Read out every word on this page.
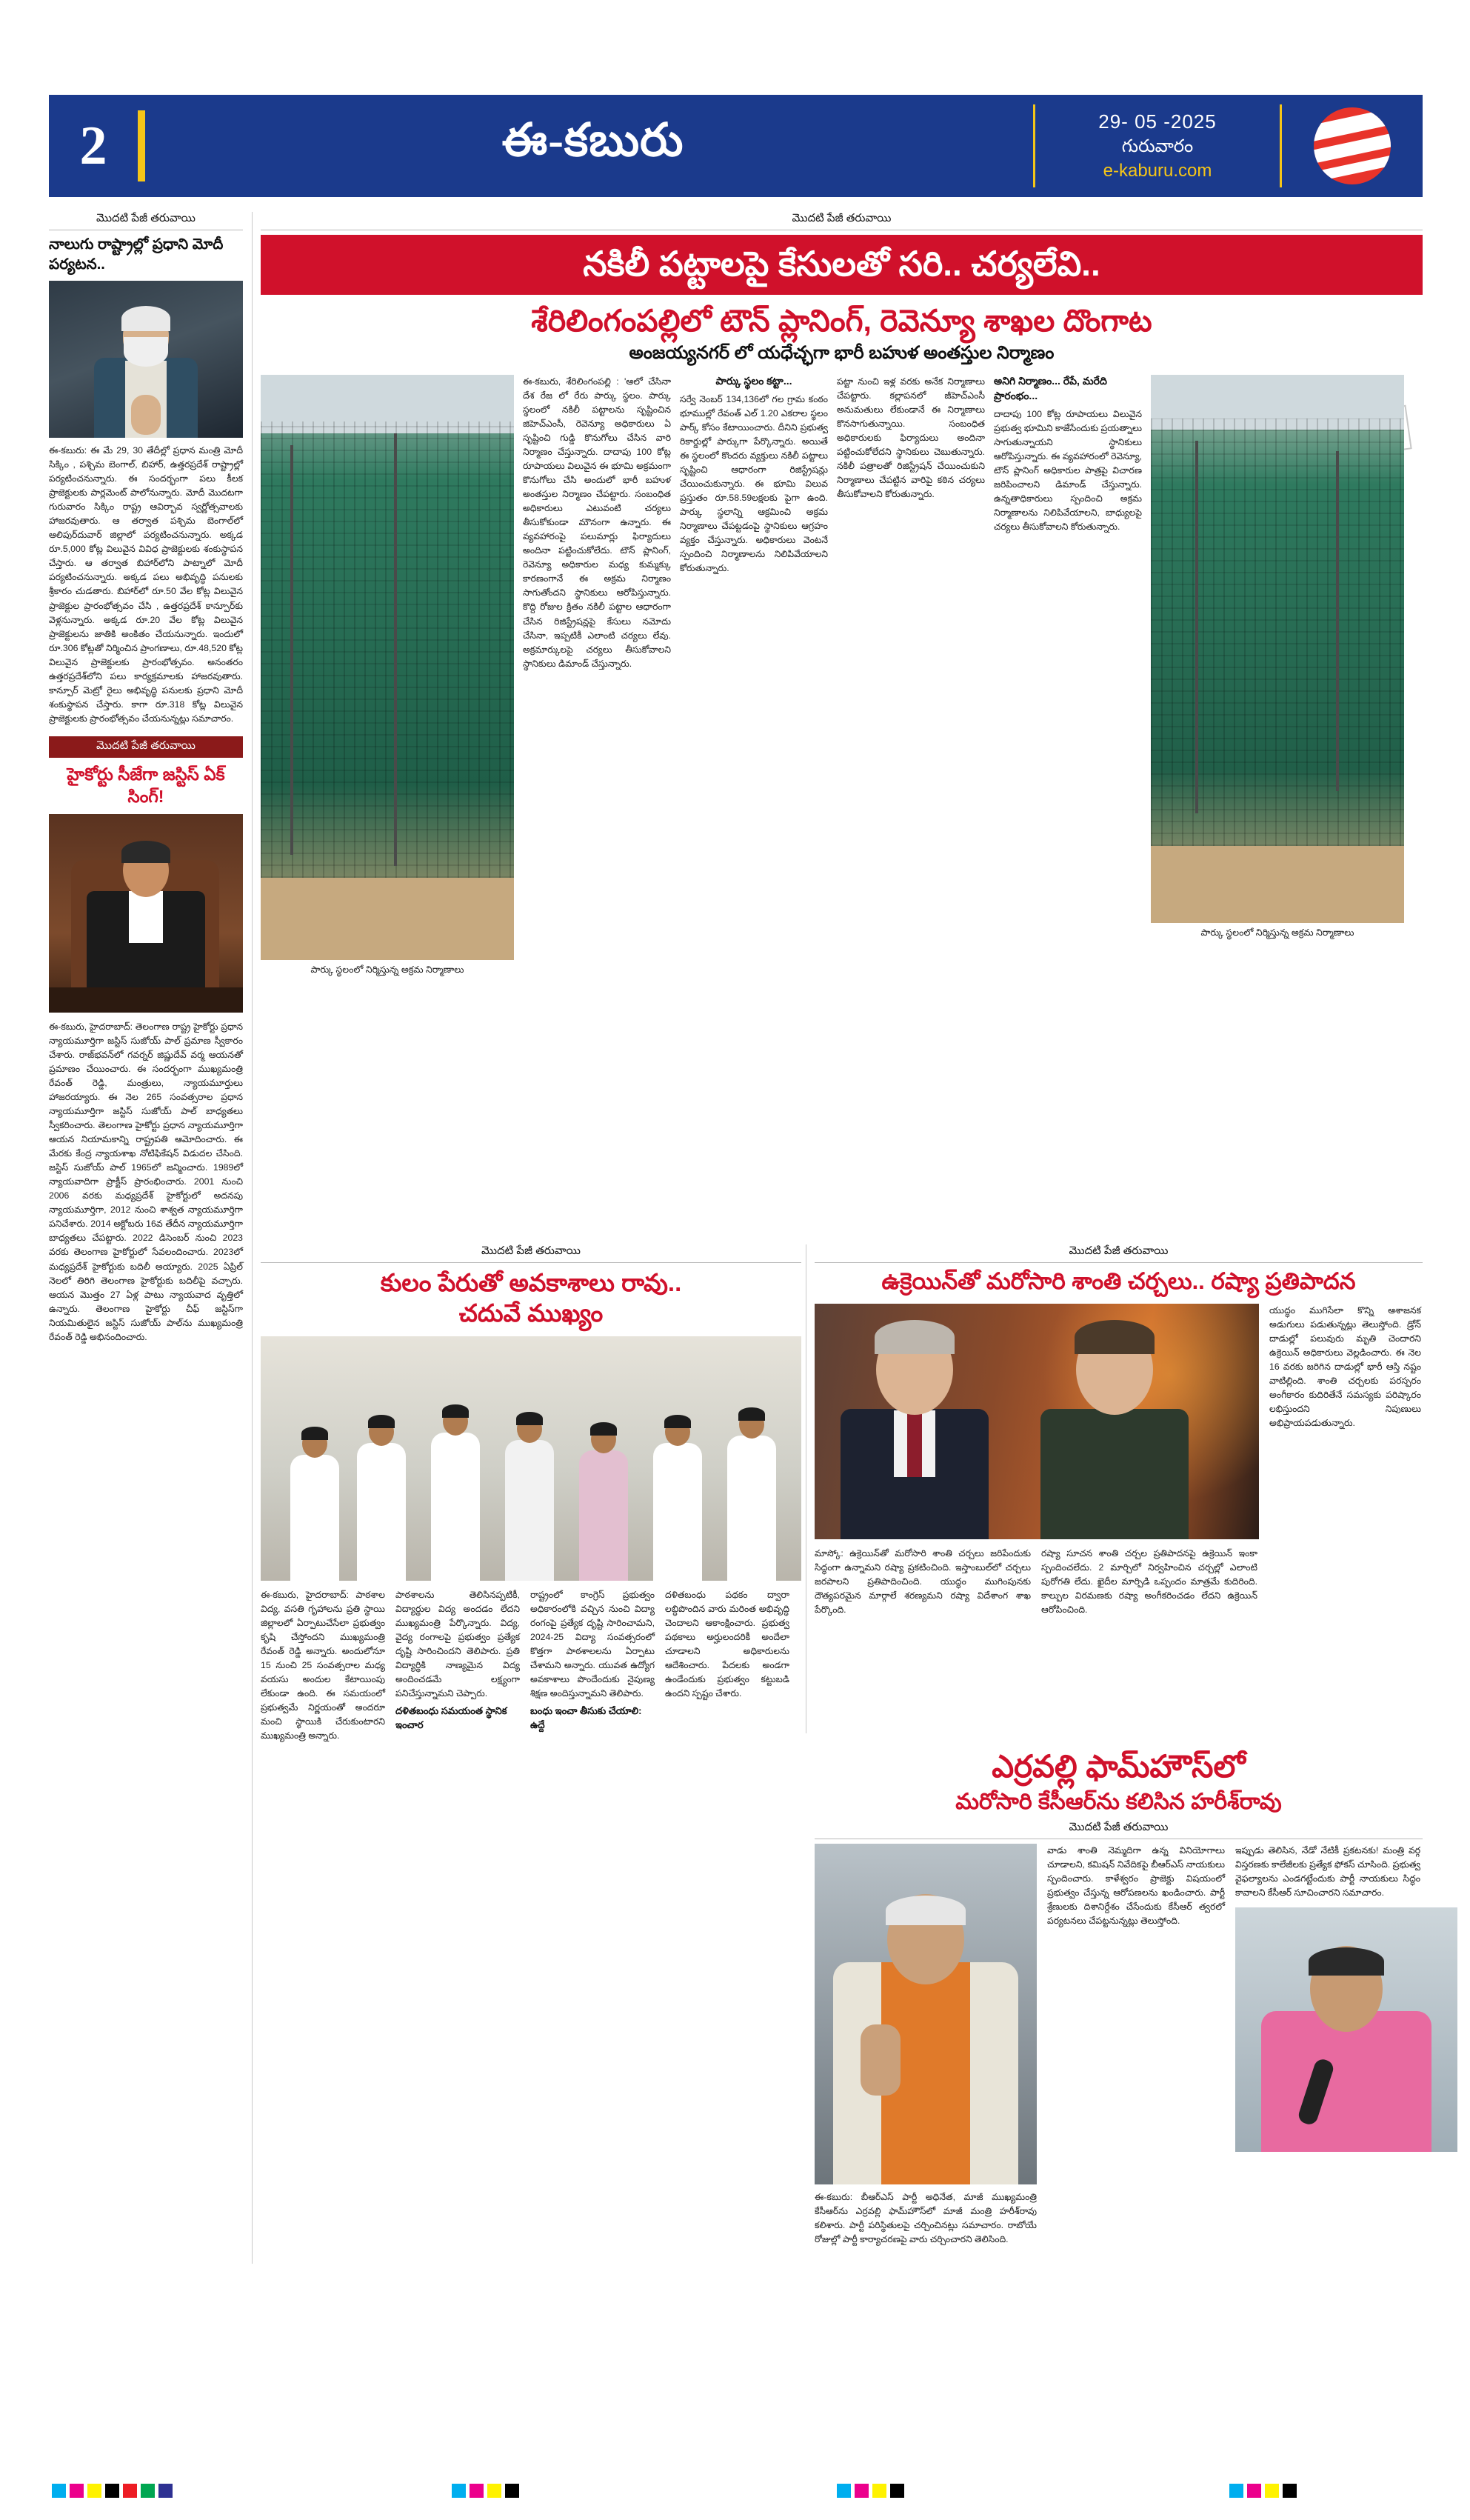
2	ఈ-కబురు	29- 05 -2025
గురువారం
e-kaburu.com
మొదటి పేజీ తరువాయి
నాలుగు రాష్ట్రాల్లో ప్రధాని మోదీ పర్యటన..
ఈ-కబురు: ఈ మే 29, 30 తేదీల్లో ప్రధాన మంత్రి మోదీ సిక్కిం , పశ్చిమ బెంగాల్, బిహార్, ఉత్తరప్రదేశ్ రాష్ట్రాల్లో పర్యటించనున్నారు. ఈ సందర్భంగా పలు కీలక ప్రాజెక్టులకు పార్లమెంట్ పాలోనున్నారు. మోదీ మొదటగా గురువారం సిక్కిం రాష్ట్ర ఆవిర్భావ స్వర్ణోత్సవాలకు హాజరవుతారు. ఆ తర్వాత పశ్చిమ బెంగాల్‌లో ఆలిపుర్‌దువార్‌ జిల్లాలో పర్యటించనున్నారు. అక్కడ రూ.5,000 కోట్ల విలువైన వివిధ ప్రాజెక్టులకు శంకుస్థాపన చేస్తారు. ఆ తర్వాత బిహార్‌లోని పాట్నాలో మోదీ పర్యటించనున్నారు. అక్కడ పలు అభివృద్ధి పనులకు శ్రీకారం చుడతారు. బిహార్‌లో రూ.50 వేల కోట్ల విలువైన ప్రాజెక్టుల ప్రారంభోత్సవం చేసి , ఉత్తరప్రదేశ్ కాన్పూర్‌కు వెళ్లనున్నారు. అక్కడ రూ.20 వేల కోట్ల విలువైన ప్రాజెక్టులను జాతికి అంకితం చేయనున్నారు. ఇందులో రూ.306 కోట్లతో నిర్మించిన ప్రాంగణాలు, రూ.48,520 కోట్ల విలువైన ప్రాజెక్టులకు ప్రారంభోత్సవం. అనంతరం ఉత్తరప్రదేశ్‌లోని పలు కార్యక్రమాలకు హాజరవుతారు. కాన్పూర్‌ మెట్రో రైలు అభివృద్ధి పనులకు ప్రధాని మోదీ శంకుస్థాపన చేస్తారు. కాగా రూ.318 కోట్ల విలువైన ప్రాజెక్టులకు ప్రారంభోత్సవం చేయనున్నట్లు సమాచారం.
మొదటి పేజీ తరువాయి
హైకోర్టు సీజేగా జస్టిస్ ఏక్ సింగ్!
ఈ-కబురు, హైదరాబాద్: తెలంగాణ రాష్ట్ర హైకోర్టు ప్రధాన న్యాయమూర్తిగా జస్టిస్ సుజోయ్‌ పాల్‌ ప్రమాణ స్వీకారం చేశారు. రాజ్‌భవన్‌లో గవర్నర్ జిష్ణుదేవ్ వర్మ ఆయనతో ప్రమాణం చేయించారు. ఈ సందర్భంగా ముఖ్యమంత్రి రేవంత్ రెడ్డి, మంత్రులు, న్యాయమూర్తులు హాజరయ్యారు. ఈ నెల 265 సంవత్సరాల ప్రధాన న్యాయమూర్తిగా జస్టిస్ సుజోయ్‌ పాల్‌ బాధ్యతలు స్వీకరించారు. తెలంగాణ హైకోర్టు ప్రధాన న్యాయమూర్తిగా ఆయన నియామకాన్ని రాష్ట్రపతి ఆమోదించారు. ఈ మేరకు కేంద్ర న్యాయశాఖ నోటిఫికేషన్ విడుదల చేసింది. జస్టిస్ సుజోయ్‌ పాల్‌ 1965లో జన్మించారు. 1989లో న్యాయవాదిగా ప్రాక్టీస్ ప్రారంభించారు. 2001 నుంచి 2006 వరకు మధ్యప్రదేశ్ హైకోర్టులో అదనపు న్యాయమూర్తిగా, 2012 నుంచి శాశ్వత న్యాయమూర్తిగా పనిచేశారు. 2014 అక్టోబరు 16వ తేదీన న్యాయమూర్తిగా బాధ్యతలు చేపట్టారు. 2022 డిసెంబర్ నుంచి 2023 వరకు తెలంగాణ హైకోర్టులో సేవలందించారు. 2023లో మధ్యప్రదేశ్ హైకోర్టుకు బదిలీ అయ్యారు. 2025 ఏప్రిల్ నెలలో తిరిగి తెలంగాణ హైకోర్టుకు బదిలీపై వచ్చారు. ఆయన మొత్తం 27 ఏళ్ల పాటు న్యాయవాద వృత్తిలో ఉన్నారు. తెలంగాణ హైకోర్టు చీఫ్ జస్టిస్‌గా నియమితులైన జస్టిస్ సుజోయ్‌ పాల్‌ను ముఖ్యమంత్రి రేవంత్ రెడ్డి అభినందించారు.
మొదటి పేజీ తరువాయి
నకిలీ పట్టాలపై కేసులతో సరి.. చర్యలేవి..
శేరిలింగంపల్లిలో టౌన్ ప్లానింగ్, రెవెన్యూ శాఖల దొంగాట
అంజయ్యనగర్ లో యధేచ్ఛగా భారీ బహుళ అంతస్తుల నిర్మాణం
పార్కు స్థలంలో నిర్మిస్తున్న అక్రమ నిర్మాణాలు
ఈ-కబురు, శేరిలింగంపల్లి : 'ఆలో చేసినా దేశ రేజ లో రేరు పార్కు స్థలం. పార్కు స్థలంలో నకిలీ పట్టాలను సృష్టించిన జిహెచ్ఎంసీ, రెవెన్యూ అధికారులు ఏ సృష్టించి గుడ్డి కొనుగోలు చేసిన వారి నిర్మాణం చేస్తున్నారు. దాదాపు 100 కోట్ల రూపాయలు విలువైన ఈ భూమి అక్రమంగా కొనుగోలు చేసి అందులో భారీ బహుళ అంతస్తుల నిర్మాణం చేపట్టారు. సంబంధిత అధికారులు ఎటువంటి చర్యలు తీసుకోకుండా మౌనంగా ఉన్నారు. ఈ వ్యవహారంపై పలుమార్లు ఫిర్యాదులు అందినా పట్టించుకోలేదు. టౌన్ ప్లానింగ్, రెవెన్యూ అధికారుల మధ్య కుమ్మక్కు కారణంగానే ఈ అక్రమ నిర్మాణం సాగుతోందని స్థానికులు ఆరోపిస్తున్నారు. కొద్ది రోజుల క్రితం నకిలీ పట్టాల ఆధారంగా చేసిన రిజిస్ట్రేషన్లపై కేసులు నమోదు చేసినా, ఇప్పటికీ ఎలాంటి చర్యలు లేవు. అక్రమార్కులపై చర్యలు తీసుకోవాలని స్థానికులు డిమాండ్ చేస్తున్నారు.
పార్కు స్థలం కట్టా...
సర్వే నెంబర్ 134,136లో గల గ్రామ కంఠం భూముల్లో రేవంత్ ఎల్ 1.20 ఎకరాల స్థలం పార్క్ కోసం కేటాయించారు. దీనిని ప్రభుత్వ రికార్డుల్లో పార్కుగా పేర్కొన్నారు. అయితే ఈ స్థలంలో కొందరు వ్యక్తులు నకిలీ పట్టాలు సృష్టించి ఆధారంగా రిజిస్ట్రేషన్లు చేయించుకున్నారు. ఈ భూమి విలువ ప్రస్తుతం రూ.58.59లక్షలకు పైగా ఉంది. పార్కు స్థలాన్ని ఆక్రమించి అక్రమ నిర్మాణాలు చేపట్టడంపై స్థానికులు ఆగ్రహం వ్యక్తం చేస్తున్నారు. అధికారులు వెంటనే స్పందించి నిర్మాణాలను నిలిపివేయాలని కోరుతున్నారు.
పట్టా నుంచి ఇళ్ల వరకు అనేక నిర్మాణాలు చేపట్టారు. కల్లాపనలో జీహెచ్ఎంసీ అనుమతులు లేకుండానే ఈ నిర్మాణాలు కొనసాగుతున్నాయి. సంబంధిత అధికారులకు ఫిర్యాదులు అందినా పట్టించుకోలేదని స్థానికులు చెబుతున్నారు. నకిలీ పత్రాలతో రిజిస్ట్రేషన్ చేయించుకుని నిర్మాణాలు చేపట్టిన వారిపై కఠిన చర్యలు తీసుకోవాలని కోరుతున్నారు.
అనిగి నిర్మాణం... రేపే, మరేది ప్రారంభం...
దాదాపు 100 కోట్ల రూపాయలు విలువైన ప్రభుత్వ భూమిని కాజేసేందుకు ప్రయత్నాలు సాగుతున్నాయని స్థానికులు ఆరోపిస్తున్నారు. ఈ వ్యవహారంలో రెవెన్యూ, టౌన్ ప్లానింగ్ అధికారుల పాత్రపై విచారణ జరిపించాలని డిమాండ్ చేస్తున్నారు. ఉన్నతాధికారులు స్పందించి అక్రమ నిర్మాణాలను నిలిపివేయాలని, బాధ్యులపై చర్యలు తీసుకోవాలని కోరుతున్నారు.
పార్కు స్థలంలో నిర్మిస్తున్న అక్రమ నిర్మాణాలు
మొదటి పేజీ తరువాయి
కులం పేరుతో అవకాశాలు రావు..
చదువే ముఖ్యం
ఈ-కబురు, హైదరాబాద్: పాఠశాల విద్య, వసతి గృహాలను ప్రతి స్థాయి జిల్లాలలో ఏర్పాటుచేసేలా ప్రభుత్వం కృషి చేస్తోందని ముఖ్యమంత్రి రేవంత్ రెడ్డి అన్నారు. అందులోనూ 15 నుంచి 25 సంవత్సరాల మధ్య వయసు అందుల కేటాయింపు లేకుండా ఉంది. ఈ సమయంలో ప్రభుత్వమే నిర్ణయంతో అందరూ మంచి స్థాయికి చేరుకుంటారని ముఖ్యమంత్రి అన్నారు.
పాఠశాలను తెలిసినప్పటికీ, విద్యార్థుల విద్య అందడం లేదని ముఖ్యమంత్రి పేర్కొన్నారు. విద్య, వైద్య రంగాలపై ప్రభుత్వం ప్రత్యేక దృష్టి సారించిందని తెలిపారు. ప్రతి విద్యార్థికి నాణ్యమైన విద్య అందించడమే లక్ష్యంగా పనిచేస్తున్నామని చెప్పారు.
దళితబంధు సమయంత స్థానిక ఇంచార
రాష్ట్రంలో కాంగ్రెస్ ప్రభుత్వం అధికారంలోకి వచ్చిన నుంచి విద్యా రంగంపై ప్రత్యేక దృష్టి సారించామని, 2024-25 విద్యా సంవత్సరంలో కొత్తగా పాఠశాలలను ఏర్పాటు చేశామని అన్నారు. యువత ఉద్యోగ అవకాశాలు పొందేందుకు నైపుణ్య శిక్షణ అందిస్తున్నామని తెలిపారు.
బంధు ఇంచా తీసుకు చేయాలి: ఉద్దే
దళితబంధు పథకం ద్వారా లబ్ధిపొందిన వారు మరింత అభివృద్ధి చెందాలని ఆకాంక్షించారు. ప్రభుత్వ పథకాలు అర్హులందరికీ అందేలా చూడాలని అధికారులను ఆదేశించారు. పేదలకు అండగా ఉండేందుకు ప్రభుత్వం కట్టుబడి ఉందని స్పష్టం చేశారు.
మొదటి పేజీ తరువాయి
ఉక్రెయిన్‌తో మరోసారి శాంతి చర్చలు.. రష్యా ప్రతిపాదన
యుద్ధం ముగిసేలా కొన్ని ఆశాజనక అడుగులు పడుతున్నట్లు తెలుస్తోంది. డ్రోన్ దాడుల్లో పలువురు మృతి చెందారని ఉక్రెయిన్ అధికారులు వెల్లడించారు. ఈ నెల 16 వరకు జరిగిన దాడుల్లో భారీ ఆస్తి నష్టం వాటిల్లింది. శాంతి చర్చలకు పరస్పరం అంగీకారం కుదిరితేనే సమస్యకు పరిష్కారం లభిస్తుందని నిపుణులు అభిప్రాయపడుతున్నారు.
మాస్కో: ఉక్రెయిన్‌తో మరోసారి శాంతి చర్చలు జరిపేందుకు సిద్ధంగా ఉన్నామని రష్యా ప్రకటించింది. ఇస్తాంబుల్‌లో చర్చలు జరపాలని ప్రతిపాదించింది. యుద్ధం ముగింపునకు దౌత్యపరమైన మార్గాలే శరణ్యమని రష్యా విదేశాంగ శాఖ పేర్కొంది.
రష్యా సూచన శాంతి చర్చల ప్రతిపాదనపై ఉక్రెయిన్ ఇంకా స్పందించలేదు. 2 మార్చిలో నిర్వహించిన చర్చల్లో ఎలాంటి పురోగతి లేదు. ఖైదీల మార్పిడి ఒప్పందం మాత్రమే కుదిరింది. కాల్పుల విరమణకు రష్యా అంగీకరించడం లేదని ఉక్రెయిన్ ఆరోపించింది.
ఎర్రవల్లి ఫామ్‌హౌస్‌లో
మరోసారి కేసీఆర్‌ను కలిసిన హరీశ్‌రావు
మొదటి పేజీ తరువాయి
ఈ-కబురు: బీఆర్ఎస్ పార్టీ అధినేత, మాజీ ముఖ్యమంత్రి కేసీఆర్‌ను ఎర్రవల్లి ఫామ్‌హౌస్‌లో మాజీ మంత్రి హరీశ్‌రావు కలిశారు. పార్టీ పరిస్థితులపై చర్చించినట్లు సమాచారం. రాబోయే రోజుల్లో పార్టీ కార్యాచరణపై వారు చర్చించారని తెలిసింది.
వాడు శాంతి నెమ్మదిగా ఉన్న వినియోగాలు చూడాలని, కమిషన్ నివేదికపై బీఆర్ఎస్ నాయకులు స్పందించారు. కాళేశ్వరం ప్రాజెక్టు విషయంలో ప్రభుత్వం చేస్తున్న ఆరోపణలను ఖండించారు. పార్టీ శ్రేణులకు దిశానిర్దేశం చేసేందుకు కేసీఆర్ త్వరలో పర్యటనలు చేపట్టనున్నట్లు తెలుస్తోంది.
ఇప్పుడు తెలిసిన, నేడో నేటికీ ప్రకటనకు! మంత్రి వర్గ విస్తరణకు కాలేజీలకు ప్రత్యేక ఫోకస్ చూసింది. ప్రభుత్వ వైఫల్యాలను ఎండగట్టేందుకు పార్టీ నాయకులు సిద్ధం కావాలని కేసీఆర్ సూచించారని సమాచారం.
